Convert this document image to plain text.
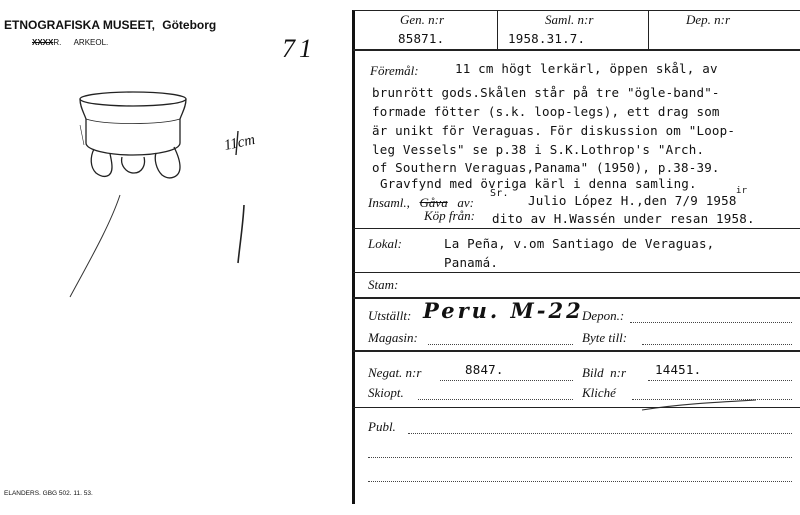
ETNOGRAFISKA MUSEET, Göteborg
XXXXR. ARKEOL.	71
11cm
ELANDERS. GBG 502. 11. 53.
Gen. n:r
85871.
Saml. n:r
1958.31.7.
Dep. n:r
Föremål:	11 cm högt lerkärl, öppen skål, av
brunrött gods.Skålen står på tre "ögle-band"-
formade fötter (s.k. loop-legs), ett drag som
är unikt för Veraguas. För diskussion om "Loop-
leg Vessels" se p.38 i S.K.Lothrop's "Arch.
of Southern Veraguas,Panama" (1950), p.38-39.
Gravfynd med övriga kärl i denna samling.
Insaml., Gåva av:
Sr. Julio López H.,den 7/9 1958
ir
Köp från: dito av H.Wassén under resan 1958.
Lokal:	La Peña, v.om Santiago de Veraguas,
Panamá.
Stam:
Utställt: Peru. M-22
Depon.:
Magasin:	Byte till:
Negat. n:r	8847.	Bild  n:r 14451.
Skiopt.	Kliché
Publ.
